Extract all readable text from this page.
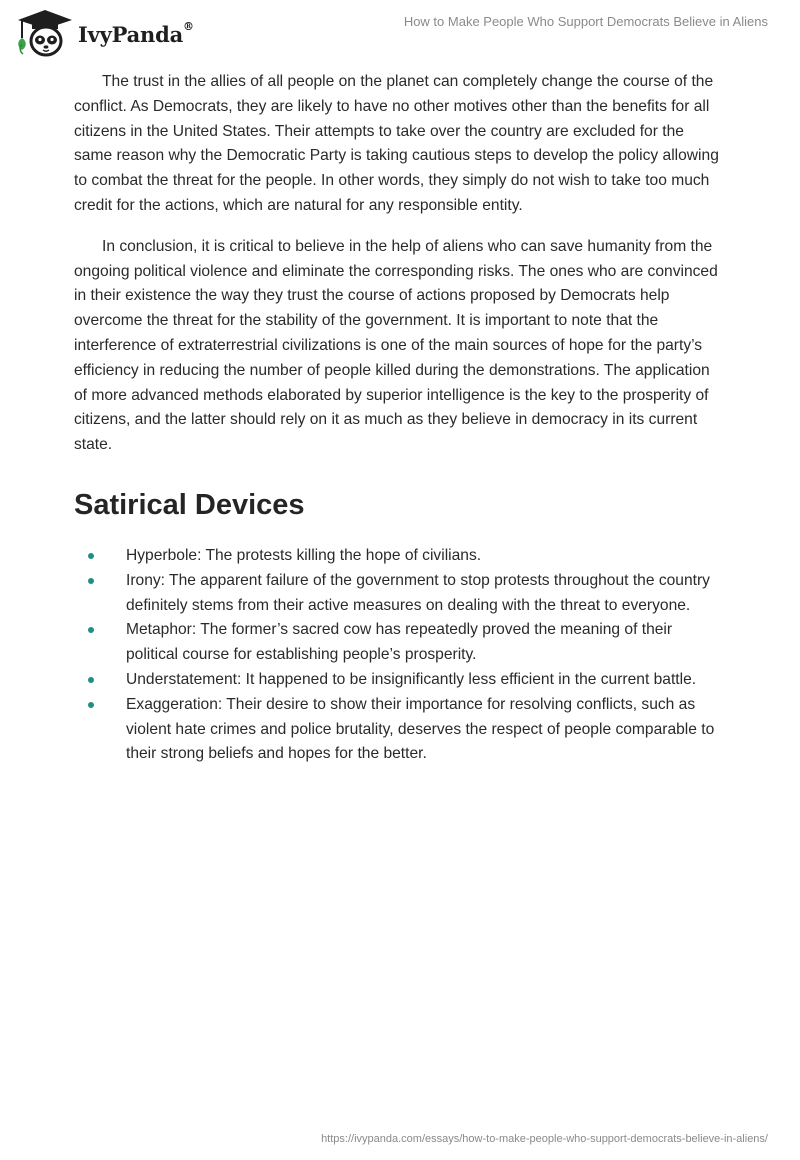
IvyPanda®	How to Make People Who Support Democrats Believe in Aliens

The trust in the allies of all people on the planet can completely change the course of the conflict. As Democrats, they are likely to have no other motives other than the benefits for all citizens in the United States. Their attempts to take over the country are excluded for the same reason why the Democratic Party is taking cautious steps to develop the policy allowing to combat the threat for the people. In other words, they simply do not wish to take too much credit for the actions, which are natural for any responsible entity.

In conclusion, it is critical to believe in the help of aliens who can save humanity from the ongoing political violence and eliminate the corresponding risks. The ones who are convinced in their existence the way they trust the course of actions proposed by Democrats help overcome the threat for the stability of the government. It is important to note that the interference of extraterrestrial civilizations is one of the main sources of hope for the party’s efficiency in reducing the number of people killed during the demonstrations. The application of more advanced methods elaborated by superior intelligence is the key to the prosperity of citizens, and the latter should rely on it as much as they believe in democracy in its current state.

Satirical Devices
Hyperbole: The protests killing the hope of civilians.
Irony: The apparent failure of the government to stop protests throughout the country definitely stems from their active measures on dealing with the threat to everyone.
Metaphor: The former’s sacred cow has repeatedly proved the meaning of their political course for establishing people’s prosperity.
Understatement: It happened to be insignificantly less efficient in the current battle.
Exaggeration: Their desire to show their importance for resolving conflicts, such as violent hate crimes and police brutality, deserves the respect of people comparable to their strong beliefs and hopes for the better.
https://ivypanda.com/essays/how-to-make-people-who-support-democrats-believe-in-aliens/
